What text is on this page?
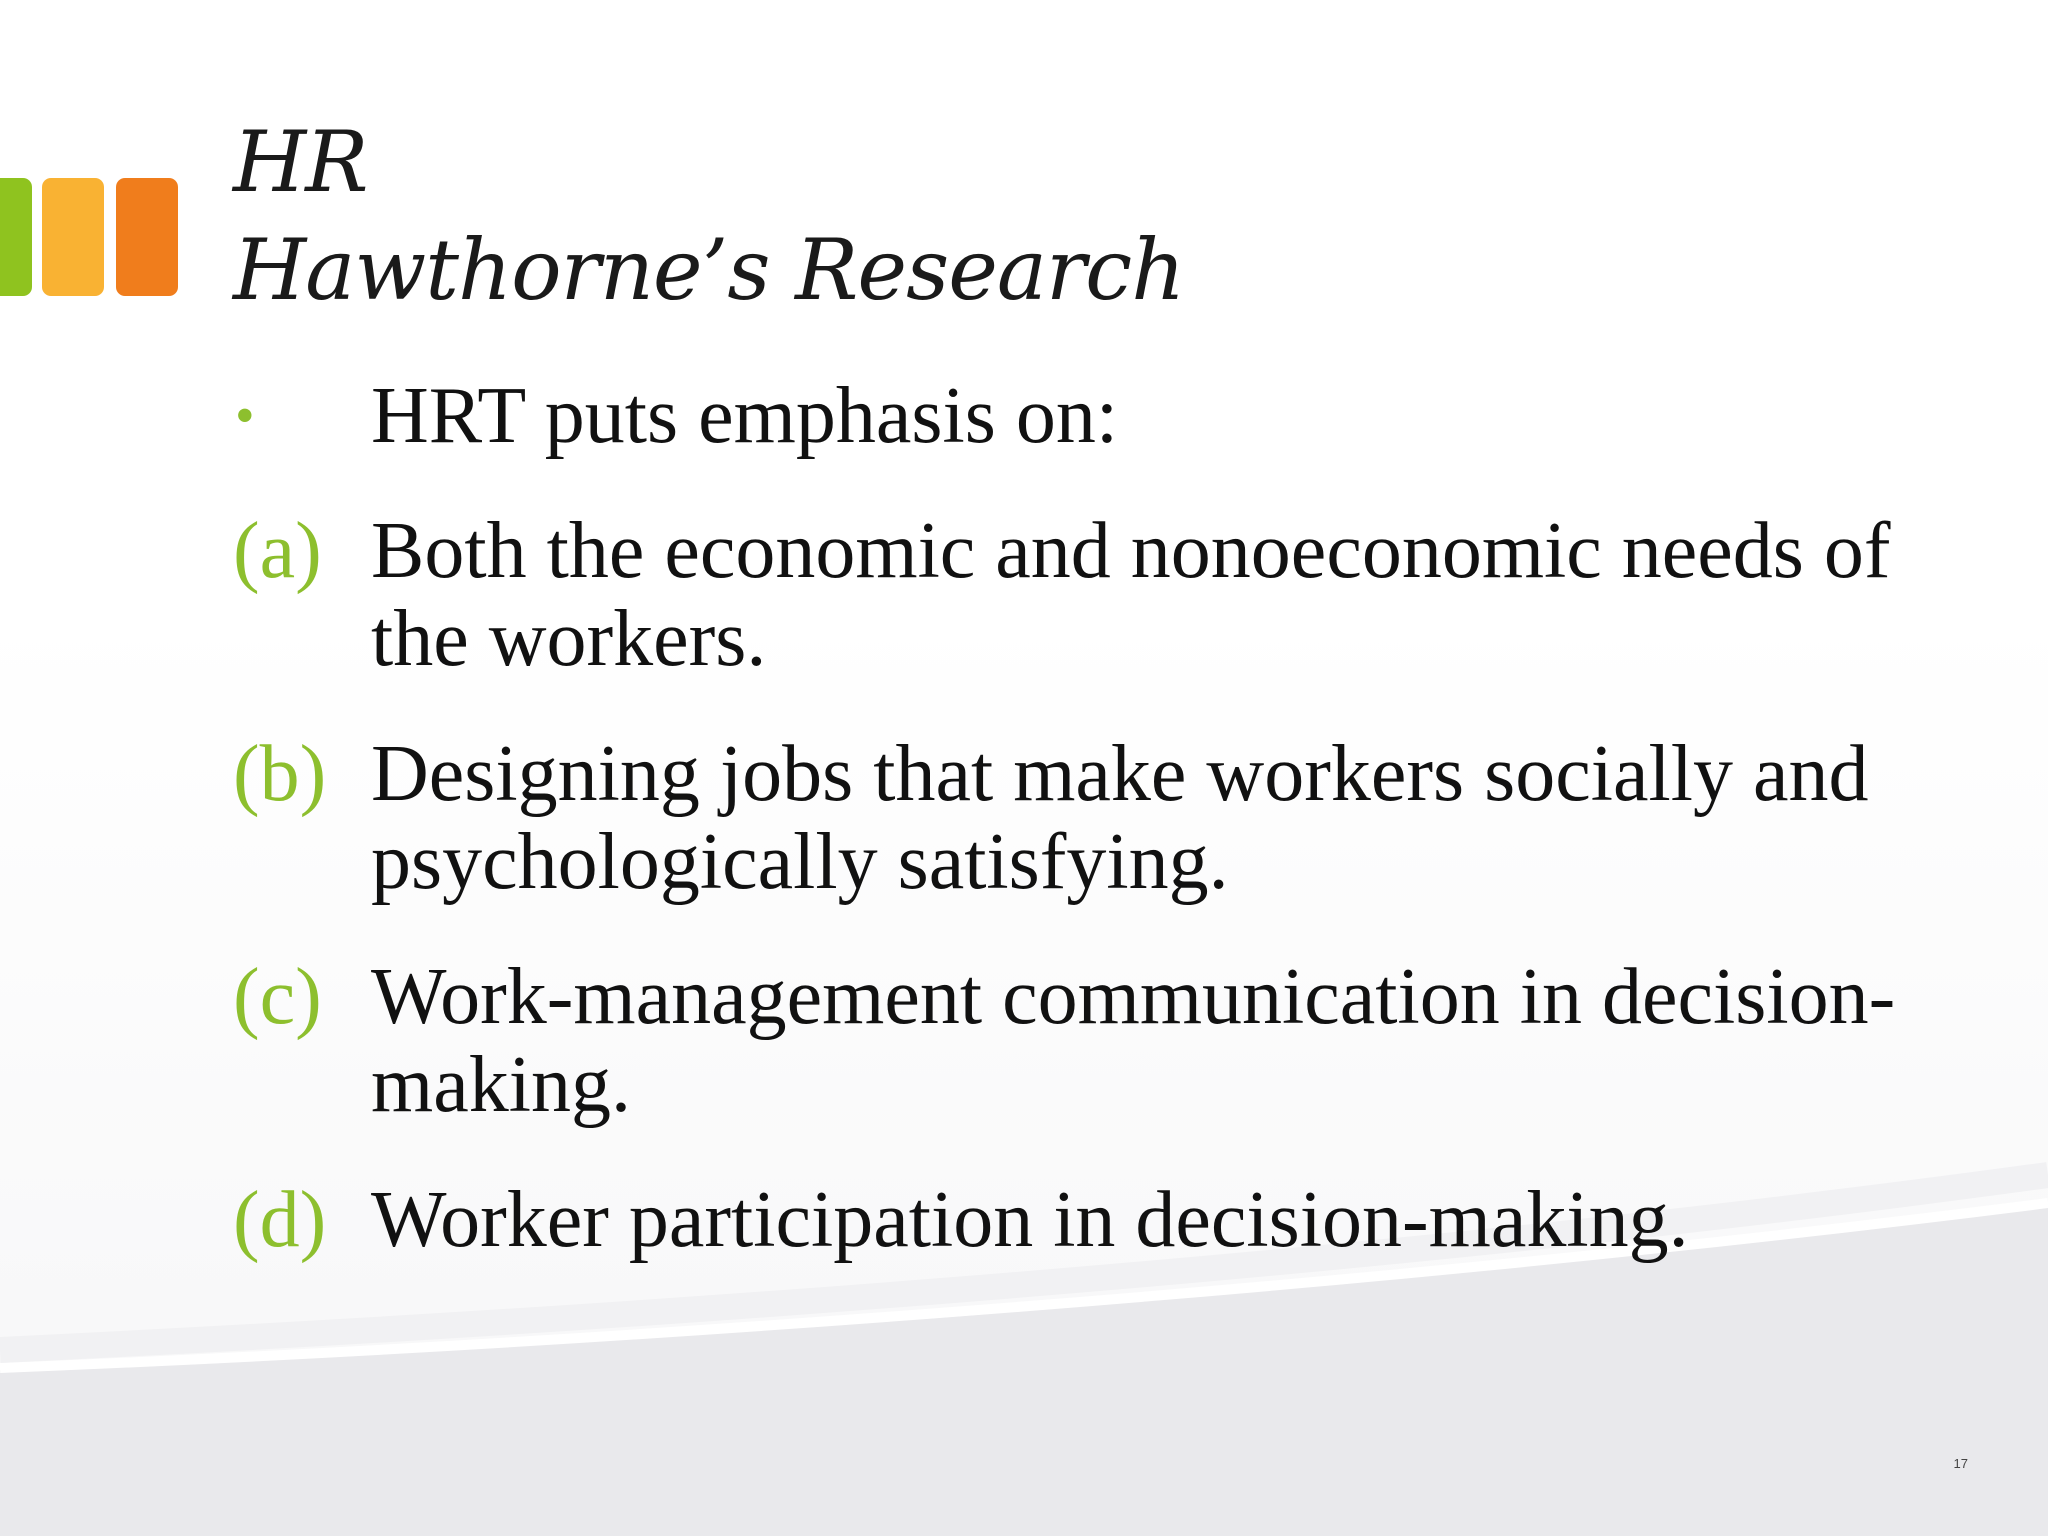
HR
Hawthorne’s Research
• HRT puts emphasis on:
(a) Both the economic and nonoeconomic needs of the workers.
(b) Designing jobs that make workers socially and psychologically satisfying.
(c) Work-management communication in decision-making.
(d) Worker participation in decision-making.
17
